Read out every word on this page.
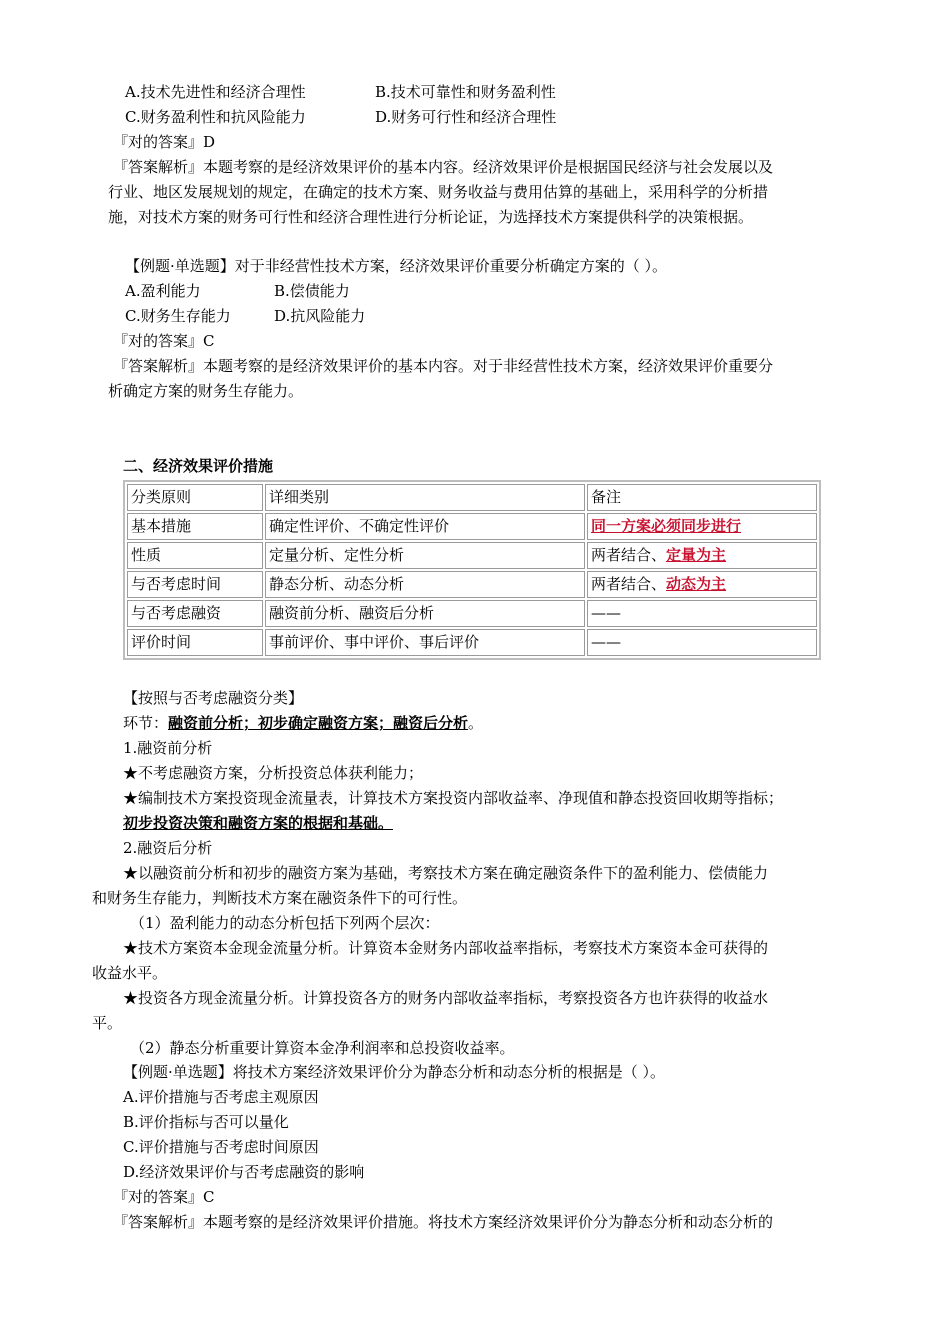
A.技术先进性和经济合理性	B.技术可靠性和财务盈利性
C.财务盈利性和抗风险能力	D.财务可行性和经济合理性
『对的答案』D
『答案解析』本题考察的是经济效果评价的基本内容。经济效果评价是根据国民经济与社会发展以及
行业、地区发展规划的规定，在确定的技术方案、财务收益与费用估算的基础上，采用科学的分析措
施，对技术方案的财务可行性和经济合理性进行分析论证，为选择技术方案提供科学的决策根据。
【例题·单选题】对于非经营性技术方案，经济效果评价重要分析确定方案的（ ）。
A.盈利能力	B.偿债能力
C.财务生存能力	D.抗风险能力
『对的答案』C
『答案解析』本题考察的是经济效果评价的基本内容。对于非经营性技术方案，经济效果评价重要分
析确定方案的财务生存能力。
二、经济效果评价措施
分类原则	详细类别	备注
基本措施	确定性评价、不确定性评价	同一方案必须同步进行
性质	定量分析、定性分析	两者结合、定量为主
与否考虑时间	静态分析、动态分析	两者结合、动态为主
与否考虑融资	融资前分析、融资后分析	——
评价时间	事前评价、事中评价、事后评价	——
【按照与否考虑融资分类】
环节：融资前分析；初步确定融资方案；融资后分析。
1.融资前分析
★不考虑融资方案，分析投资总体获利能力；
★编制技术方案投资现金流量表，计算技术方案投资内部收益率、净现值和静态投资回收期等指标；
初步投资决策和融资方案的根据和基础。
2.融资后分析
★以融资前分析和初步的融资方案为基础，考察技术方案在确定融资条件下的盈利能力、偿债能力
和财务生存能力，判断技术方案在融资条件下的可行性。
（1）盈利能力的动态分析包括下列两个层次：
★技术方案资本金现金流量分析。计算资本金财务内部收益率指标，考察技术方案资本金可获得的
收益水平。
★投资各方现金流量分析。计算投资各方的财务内部收益率指标，考察投资各方也许获得的收益水
平。
（2）静态分析重要计算资本金净利润率和总投资收益率。
【例题·单选题】将技术方案经济效果评价分为静态分析和动态分析的根据是（ ）。
A.评价措施与否考虑主观原因
B.评价指标与否可以量化
C.评价措施与否考虑时间原因
D.经济效果评价与否考虑融资的影响
『对的答案』C
『答案解析』本题考察的是经济效果评价措施。将技术方案经济效果评价分为静态分析和动态分析的
